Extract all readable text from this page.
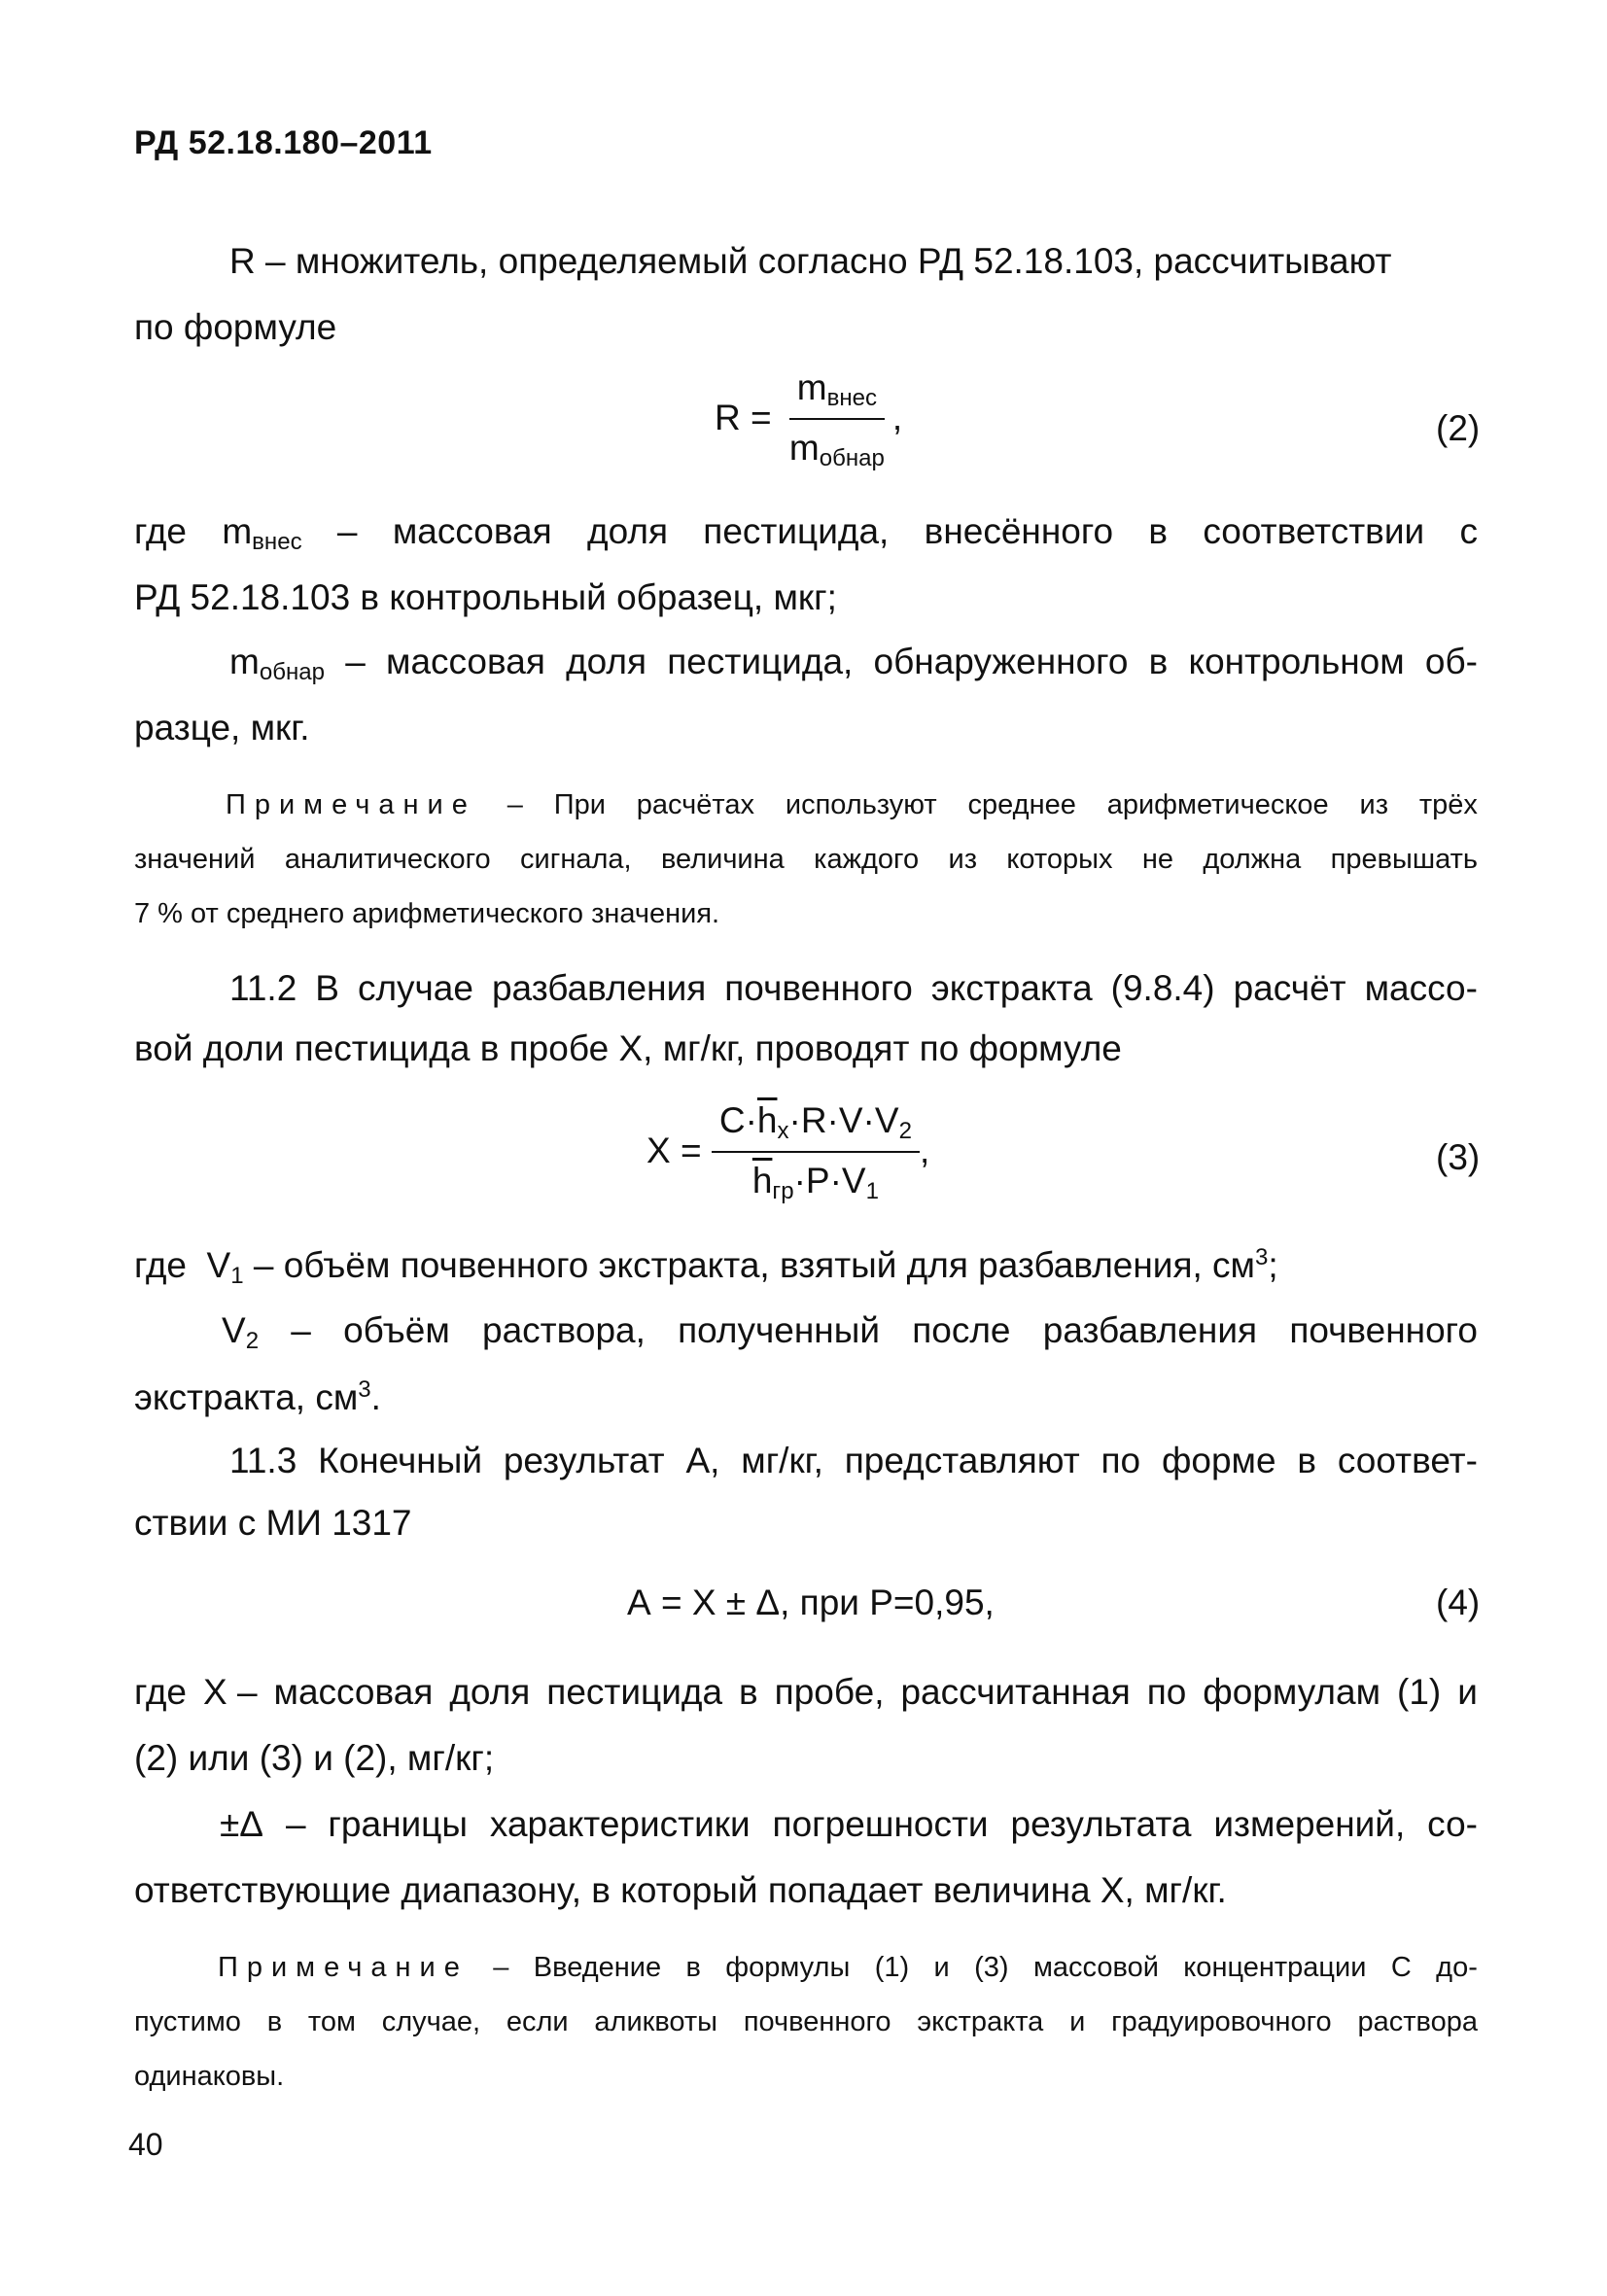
РД 52.18.180–2011
R – множитель, определяемый согласно РД 52.18.103, рассчитывают
по формуле
$R = \frac{m_{внес}}{m_{обнар}}$ ,	(2)
где $m_{внес}$ – массовая доля пестицида, внесённого в соответствии с
РД 52.18.103 в контрольный образец, мкг;
$m_{обнар}$ – массовая доля пестицида, обнаруженного в контрольном об-
разце, мкг.
Примечание – При расчётах используют среднее арифметическое из трёх
значений аналитического сигнала, величина каждого из которых не должна превышать
7 % от среднего арифметического значения.
11.2 В случае разбавления почвенного экстракта (9.8.4) расчёт массо-
вой доли пестицида в пробе X, мг/кг, проводят по формуле
$X = \frac{C\cdot\overline{h}_x\cdot R\cdot V\cdot V_2}{\overline{h}_{гр}\cdot P\cdot V_1}$ ,	(3)
где  $V_1$ – объём почвенного экстракта, взятый для разбавления, $см^3$;
$V_2$ – объём раствора, полученный после разбавления почвенного
экстракта, $см^3$.
11.3 Конечный результат А, мг/кг, представляют по форме в соответ-
ствии с МИ 1317
А = X ± Δ, при Р=0,95,	(4)
где X – массовая доля пестицида в пробе, рассчитанная по формулам (1) и
(2) или (3) и (2), мг/кг;
±Δ – границы характеристики погрешности результата измерений, со-
ответствующие диапазону, в который попадает величина X, мг/кг.
Примечание – Введение в формулы (1) и (3) массовой концентрации С до-
пустимо в том случае, если аликвоты почвенного экстракта и градуировочного раствора
одинаковы.
40
